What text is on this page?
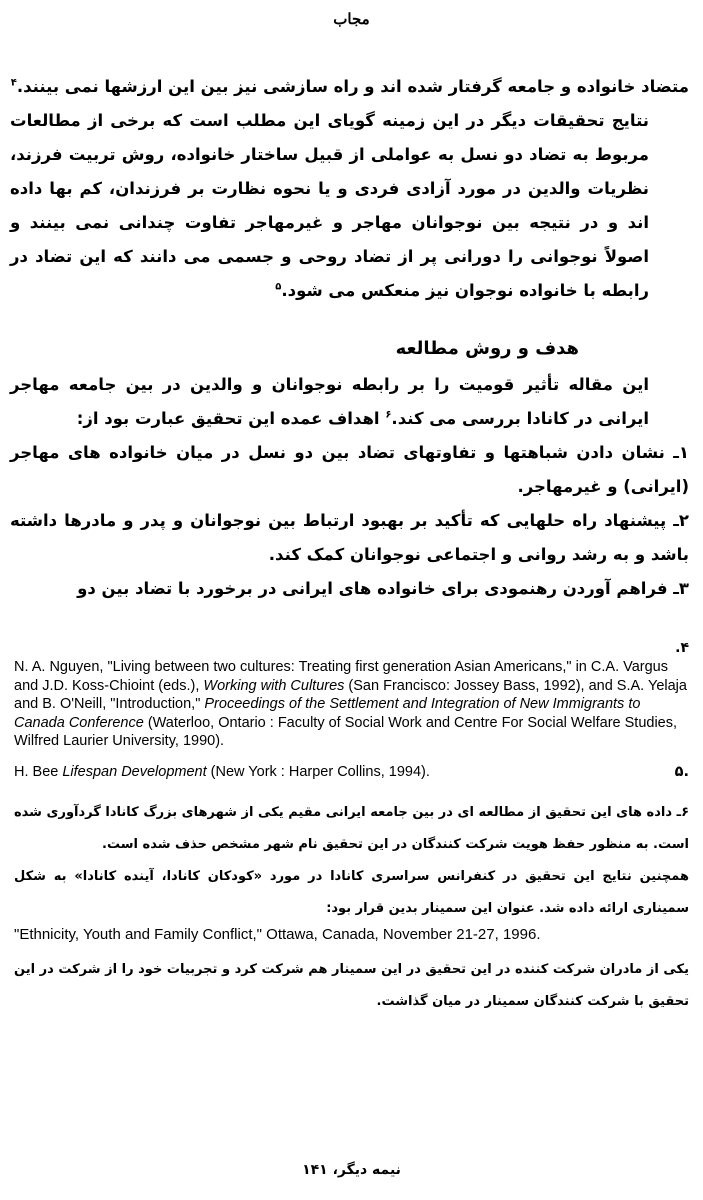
مجاب

متضاد خانواده و جامعه گرفتار شده اند و راه سازشی نیز بین این ارزشها نمی بینند.$^۴$

نتایج تحقیقات دیگر در این زمینه گویای این مطلب است که برخی از مطالعات مربوط به تضاد دو نسل به عواملی از قبیل ساختار خانواده، روش تربیت فرزند، نظریات والدین در مورد آزادی فردی و یا نحوه نظارت بر فرزندان، کم بها داده اند و در نتیجه بین نوجوانان مهاجر و غیرمهاجر تفاوت چندانی نمی بینند و اصولاً نوجوانی را دورانی پر از تضاد روحی و جسمی می دانند که این تضاد در رابطه با خانواده نوجوان نیز منعکس می شود.$^۵$

هدف و روش مطالعه

این مقاله تأثیر قومیت را بر رابطه نوجوانان و والدین در بین جامعه مهاجر ایرانی در کانادا بررسی می کند.$^۶$ اهداف عمده این تحقیق عبارت بود از:

۱ـ نشان دادن شباهتها و تفاوتهای تضاد بین دو نسل در میان خانواده های مهاجر (ایرانی) و غیرمهاجر.

۲ـ پیشنهاد راه حلهایی که تأکید بر بهبود ارتباط بین نوجوانان و پدر و مادرها داشته باشد و به رشد روانی و اجتماعی نوجوانان کمک کند.

۳ـ فراهم آوردن رهنمودی برای خانواده های ایرانی در برخورد با تضاد بین دو

۴.
N. A. Nguyen, "Living between two cultures: Treating first generation Asian Americans," in C.A. Vargus and J.D. Koss-Chioint (eds.), Working with Cultures (San Francisco: Jossey Bass, 1992), and S.A. Yelaja and B. O'Neill, "Introduction," Proceedings of the Settlement and Integration of New Immigrants to Canada Conference (Waterloo, Ontario : Faculty of Social Work and Centre For Social Welfare Studies, Wilfred Laurier University, 1990).
H. Bee Lifespan Development (New York : Harper Collins, 1994).	۵.
۶ـ داده های این تحقیق از مطالعه ای در بین جامعه ایرانی مقیم یکی از شهرهای بزرگ کانادا گردآوری شده است. به منظور حفظ هویت شرکت کنندگان در این تحقیق نام شهر مشخص حذف شده است.
همچنین نتایج این تحقیق در کنفرانس سراسری کانادا در مورد «کودکان کانادا، آینده کانادا» به شکل سمیناری ارائه داده شد. عنوان این سمینار بدین قرار بود:
"Ethnicity, Youth and Family Conflict," Ottawa, Canada, November 21-27, 1996.
یکی از مادران شرکت کننده در این تحقیق در این سمینار هم شرکت کرد و تجربیات خود را از شرکت در این تحقیق با شرکت کنندگان سمینار در میان گذاشت.
نیمه دیگر، ۱۴۱
